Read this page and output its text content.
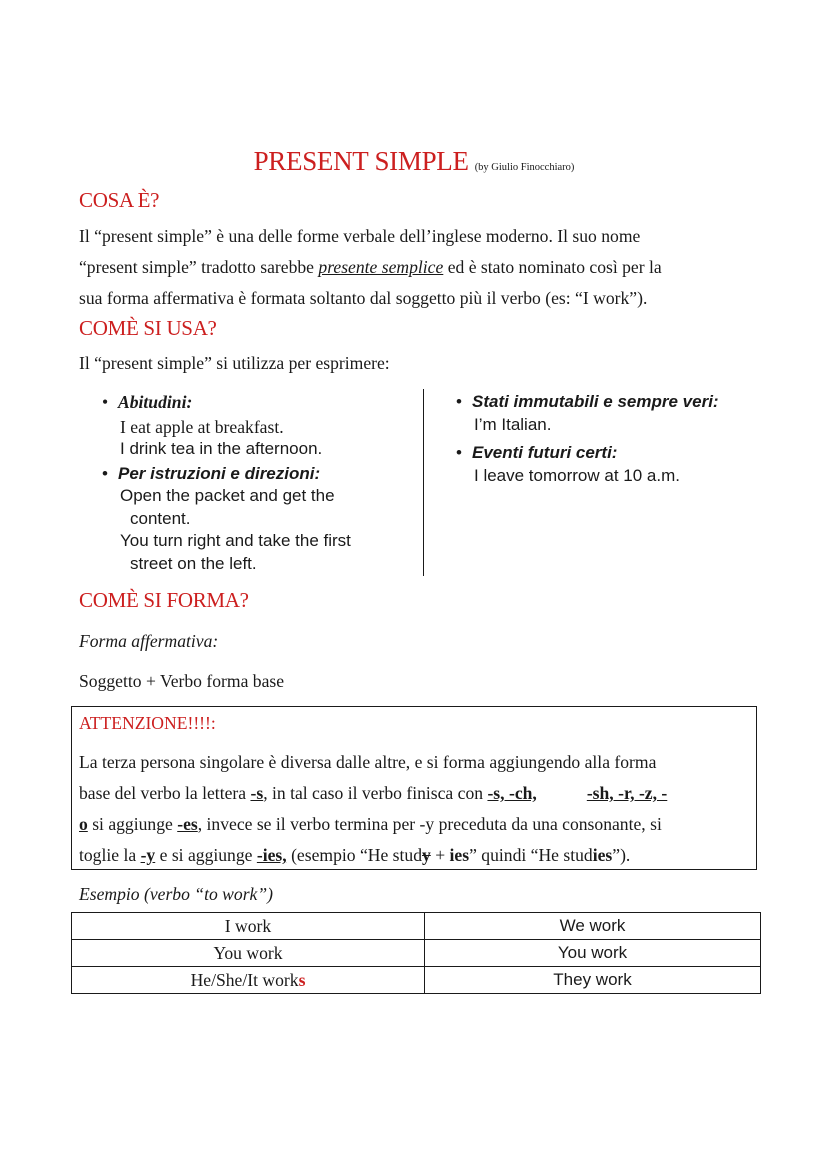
PRESENT SIMPLE (by Giulio Finocchiaro)
COSA È?
Il “present simple” è una delle forme verbale dell’inglese moderno. Il suo nome
“present simple” tradotto sarebbe presente semplice ed è stato nominato così per la
sua forma affermativa è formata soltanto dal soggetto più il verbo (es: “I work”).
COMÈ SI USA?
Il “present simple” si utilizza per esprimere:
• Abitudini:
I eat apple at breakfast.
I drink tea in the afternoon.
• Per istruzioni e direzioni:
Open the packet and get the
content.
You turn right and take the first
street on the left.
• Stati immutabili e sempre veri:
I’m Italian.
• Eventi futuri certi:
I leave tomorrow at 10 a.m.
COMÈ SI FORMA?
Forma affermativa:
Soggetto + Verbo forma base
ATTENZIONE!!!!:
La terza persona singolare è diversa dalle altre, e si forma aggiungendo alla forma
base del verbo la lettera -s, in tal caso il verbo finisca con -s, -ch,	-sh, -r, -z, -
o si aggiunge -es, invece se il verbo termina per -y preceduta da una consonante, si
toglie la -y e si aggiunge -ies, (esempio “He study + ies” quindi “He studies”).
Esempio (verbo “to work”)
I work	We work
You work	You work
He/She/It works	They work
